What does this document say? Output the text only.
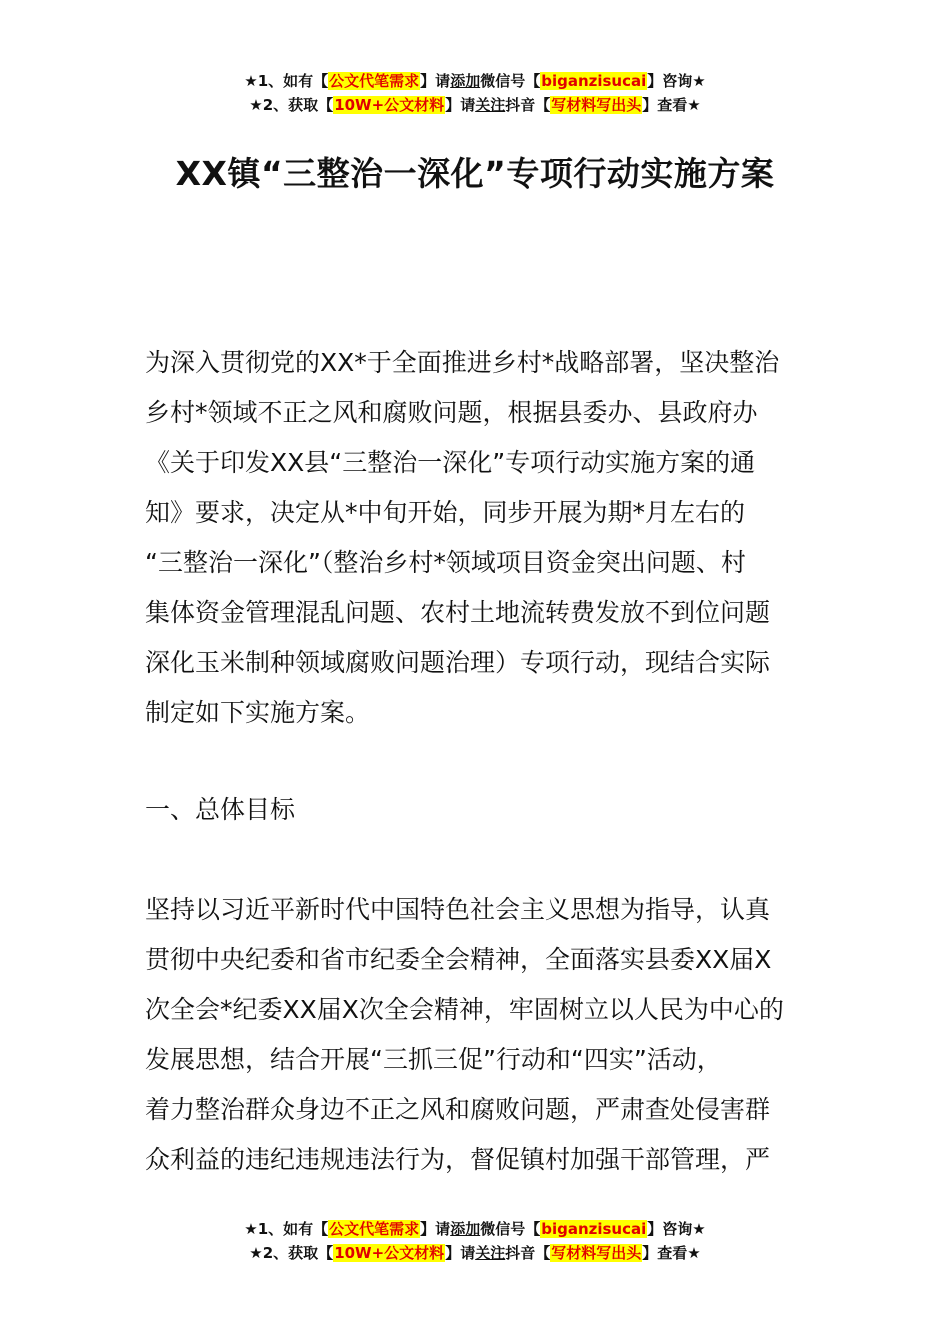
★1、如有【公文代笔需求】请添加微信号【biganzisucai】咨询★
★2、获取【10W+公文材料】请关注抖音【写材料写出头】查看★
XX镇“三整治一深化”专项行动实施方案
为深入贯彻党的XX*于全面推进乡村*战略部署，坚决整治
乡村*领域不正之风和腐败问题，根据县委办、县政府办
《关于印发XX县“三整治一深化”专项行动实施方案的通
知》要求，决定从*中旬开始，同步开展为期*月左右的
“三整治一深化”（整治乡村*领域项目资金突出问题、村
集体资金管理混乱问题、农村土地流转费发放不到位问题
深化玉米制种领域腐败问题治理）专项行动，现结合实际
制定如下实施方案。
一、总体目标
坚持以习近平新时代中国特色社会主义思想为指导，认真
贯彻中央纪委和省市纪委全会精神，全面落实县委XX届X
次全会*纪委XX届X次全会精神，牢固树立以人民为中心的
发展思想，结合开展“三抓三促”行动和“四实”活动，
着力整治群众身边不正之风和腐败问题，严肃查处侵害群
众利益的违纪违规违法行为，督促镇村加强干部管理，严
★1、如有【公文代笔需求】请添加微信号【biganzisucai】咨询★
★2、获取【10W+公文材料】请关注抖音【写材料写出头】查看★
